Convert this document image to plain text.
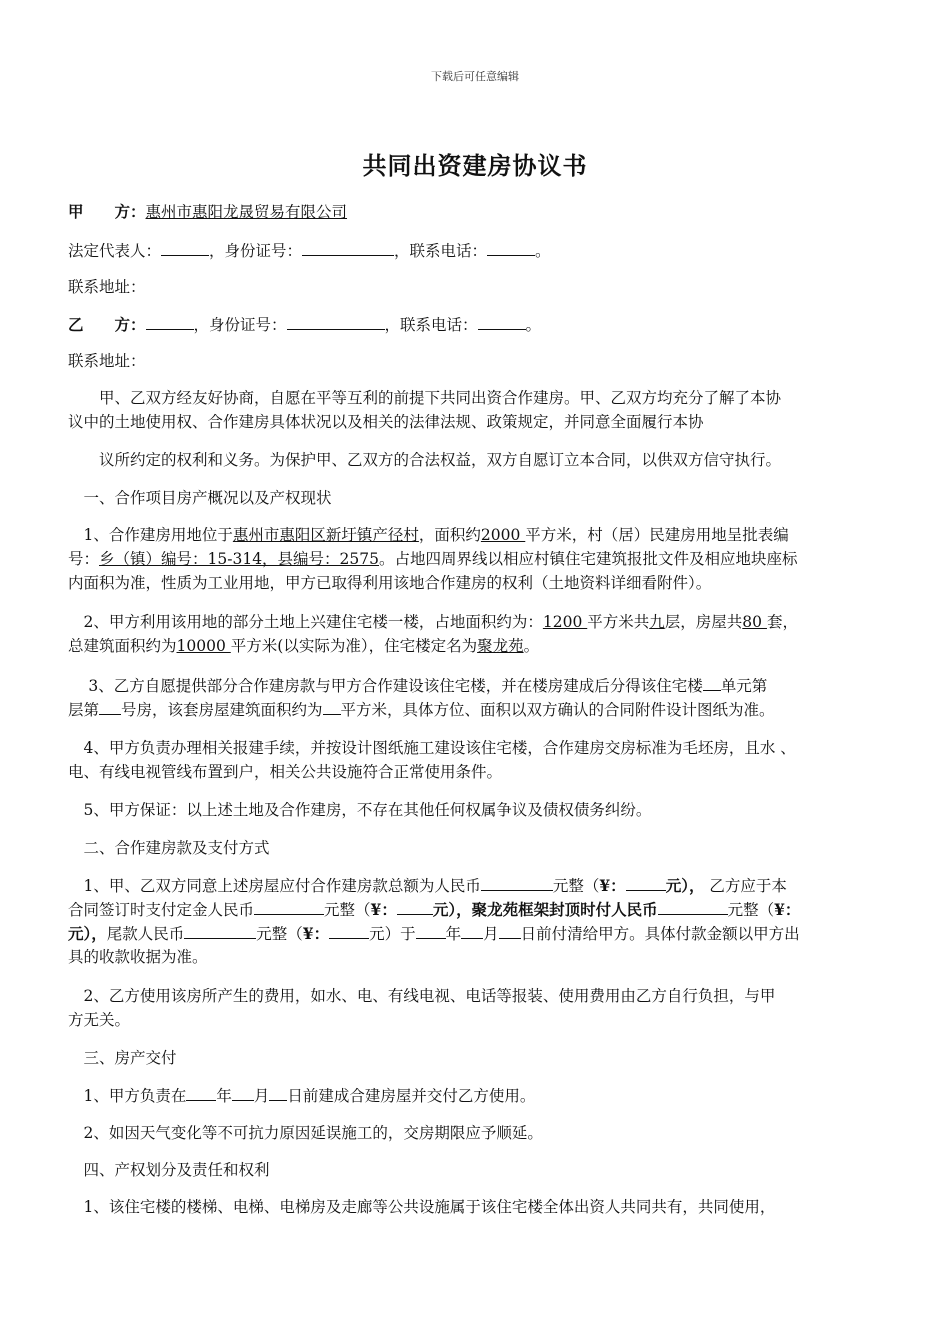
下载后可任意编辑
共同出资建房协议书
甲　　方：惠州市惠阳龙晟贸易有限公司
法定代表人：	，身份证号：	，联系电话：	。
联系地址：
乙　　方：	，身份证号：	，联系电话：	。
联系地址：
　　甲、乙双方经友好协商，自愿在平等互利的前提下共同出资合作建房。甲、乙双方均充分了解了本协
议中的土地使用权、合作建房具体状况以及相关的法律法规、政策规定，并同意全面履行本协
　　议所约定的权利和义务。为保护甲、乙双方的合法权益，双方自愿订立本合同，以供双方信守执行。
　一、合作项目房产概况以及产权现状
　1、合作建房用地位于惠州市惠阳区新圩镇产径村，面积约2000 平方米，村（居）民建房用地呈批表编
号：乡（镇）编号：15-314，县编号：2575。占地四周界线以相应村镇住宅建筑报批文件及相应地块座标
内面积为准，性质为工业用地，甲方已取得利用该地合作建房的权利（土地资料详细看附件）。
　2、甲方利用该用地的部分土地上兴建住宅楼一楼，占地面积约为：1200 平方米共九层，房屋共80 套，
总建筑面积约为10000 平方米(以实际为准），住宅楼定名为聚龙苑。
　 3、乙方自愿提供部分合作建房款与甲方合作建设该住宅楼，并在楼房建成后分得该住宅楼 单元第
层第 号房，该套房屋建筑面积约为 平方米，具体方位、面积以双方确认的合同附件设计图纸为准。
　4、甲方负责办理相关报建手续，并按设计图纸施工建设该住宅楼，合作建房交房标准为毛坯房，且水 、
电、有线电视管线布置到户，相关公共设施符合正常使用条件。
　5、甲方保证：以上述土地及合作建房，不存在其他任何权属争议及债权债务纠纷。
　二、合作建房款及支付方式
　1、甲、乙双方同意上述房屋应付合作建房款总额为人民币	元整（¥：	元）， 乙方应于本
合同签订时支付定金人民币	元整（¥： 元），聚龙苑框架封顶时付人民币	元整（¥：
元），尾款人民币	元整（¥：	元）于 年 月 日前付清给甲方。具体付款金额以甲方出
具的收款收据为准。
　2、乙方使用该房所产生的费用，如水、电、有线电视、电话等报装、使用费用由乙方自行负担，与甲
方无关。
　三、房产交付
　1、甲方负责在 年 月 日前建成合建房屋并交付乙方使用。
　2、如因天气变化等不可抗力原因延误施工的，交房期限应予顺延。
　四、产权划分及责任和权利
　1、该住宅楼的楼梯、电梯、电梯房及走廊等公共设施属于该住宅楼全体出资人共同共有，共同使用，
